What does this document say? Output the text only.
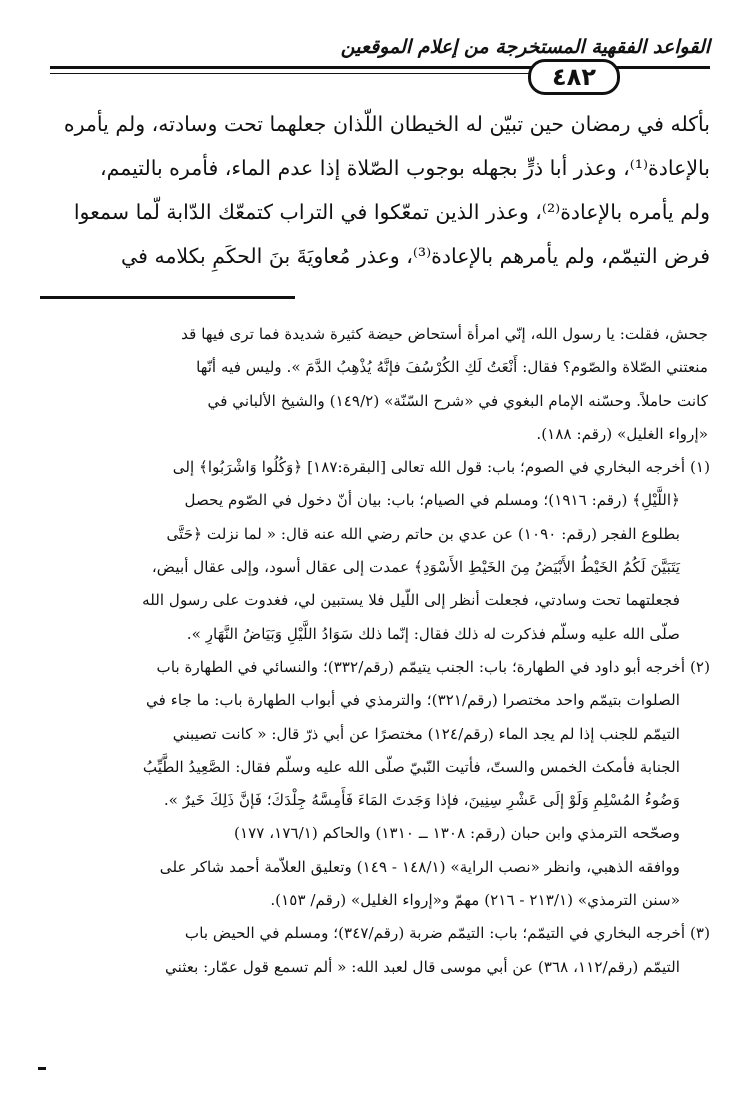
القواعد الفقهية المستخرجة من إعلام الموقعين
٤٨٢
بأكله في رمضان حين تبيّن له الخيطان اللّذان جعلهما تحت وسادته، ولم يأمره
بالإعادة⁽¹⁾، وعذر أبا ذرٍّ بجهله بوجوب الصّلاة إذا عدم الماء، فأمره بالتيمم،
ولم يأمره بالإعادة⁽²⁾، وعذر الذين تمعّكوا في التراب كتمعّك الدّابة لّما سمعوا
فرض التيمّم، ولم يأمرهم بالإعادة⁽³⁾، وعذر مُعاويَةَ بنَ الحكَمِ بكلامه في
جحش، فقلت: يا رسول الله، إنّي امرأة أستحاض حيضة كثيرة شديدة فما ترى فيها قد
منعتني الصّلاة والصّوم؟ فقال: أَنْعَتُ لَكِ الكُرْسُفَ فإنَّهُ يُذْهِبُ الدَّمَ ». وليس فيه أنّها
كانت حاملاً. وحسّنه الإمام البغوي في «شرح السّنّة» (١٤٩/٢) والشيخ الألباني في
«إرواء الغليل» (رقم: ١٨٨).
(١) أخرجه البخاري في الصوم؛ باب: قول الله تعالى [البقرة:١٨٧] ﴿وَكُلُوا وَاشْرَبُوا﴾ إلى
﴿اللَّيْلِ﴾ (رقم: ١٩١٦)؛ ومسلم في الصيام؛ باب: بيان أنّ دخول في الصّوم يحصل
بطلوع الفجر (رقم: ١٠٩٠) عن عدي بن حاتم رضي الله عنه قال: « لما نزلت ﴿حَتَّى
يَتَبَيَّنَ لَكُمُ الخَيْطُ الأَبْيَضُ مِنَ الخَيْطِ الأَسْوَدِ﴾ عمدت إلى عقال أسود، وإلى عقال أبيض،
فجعلتهما تحت وسادتي، فجعلت أنظر إلى اللّيل فلا يستبين لي، فغدوت على رسول الله
صلّى الله عليه وسلّم فذكرت له ذلك فقال: إنّما ذلك سَوَادُ اللَّيْلِ وَبَيَاضُ النَّهَارِ ».
(٢) أخرجه أبو داود في الطهارة؛ باب: الجنب يتيمّم (رقم/٣٣٢)؛ والنسائي في الطهارة باب
الصلوات بتيمّم واحد مختصرا (رقم/٣٢١)؛ والترمذي في أبواب الطهارة باب: ما جاء في
التيمّم للجنب إذا لم يجد الماء (رقم/١٢٤) مختصرًا عن أبي ذرّ قال: « كانت تصيبني
الجنابة فأمكث الخمس والستّ، فأتيت النّبيّ صلّى الله عليه وسلّم فقال: الصَّعِيدُ الطَّيِّبُ
وَضُوءُ المُسْلِمِ وَلَوْ إلَى عَشْرِ سِنِينَ، فإذا وَجَدتَ المَاءَ فَأَمِسَّهُ جِلْدَكَ؛ فَإنَّ ذَلِكَ خَيرٌ ».
وصحّحه الترمذي وابن حبان (رقم: ١٣٠٨ ــ ١٣١٠) والحاكم (١٧٦/١، ١٧٧)
ووافقه الذهبي، وانظر «نصب الراية» (١٤٨/١ - ١٤٩) وتعليق العلاّمة أحمد شاكر على
«سنن الترمذي» (٢١٣/١ - ٢١٦) مهمّ و«إرواء الغليل» (رقم/ ١٥٣).
(٣) أخرجه البخاري في التيمّم؛ باب: التيمّم ضربة (رقم/٣٤٧)؛ ومسلم في الحيض باب
التيمّم (رقم/١١٢، ٣٦٨) عن أبي موسى قال لعبد الله: « ألم تسمع قول عمّار: بعثني
